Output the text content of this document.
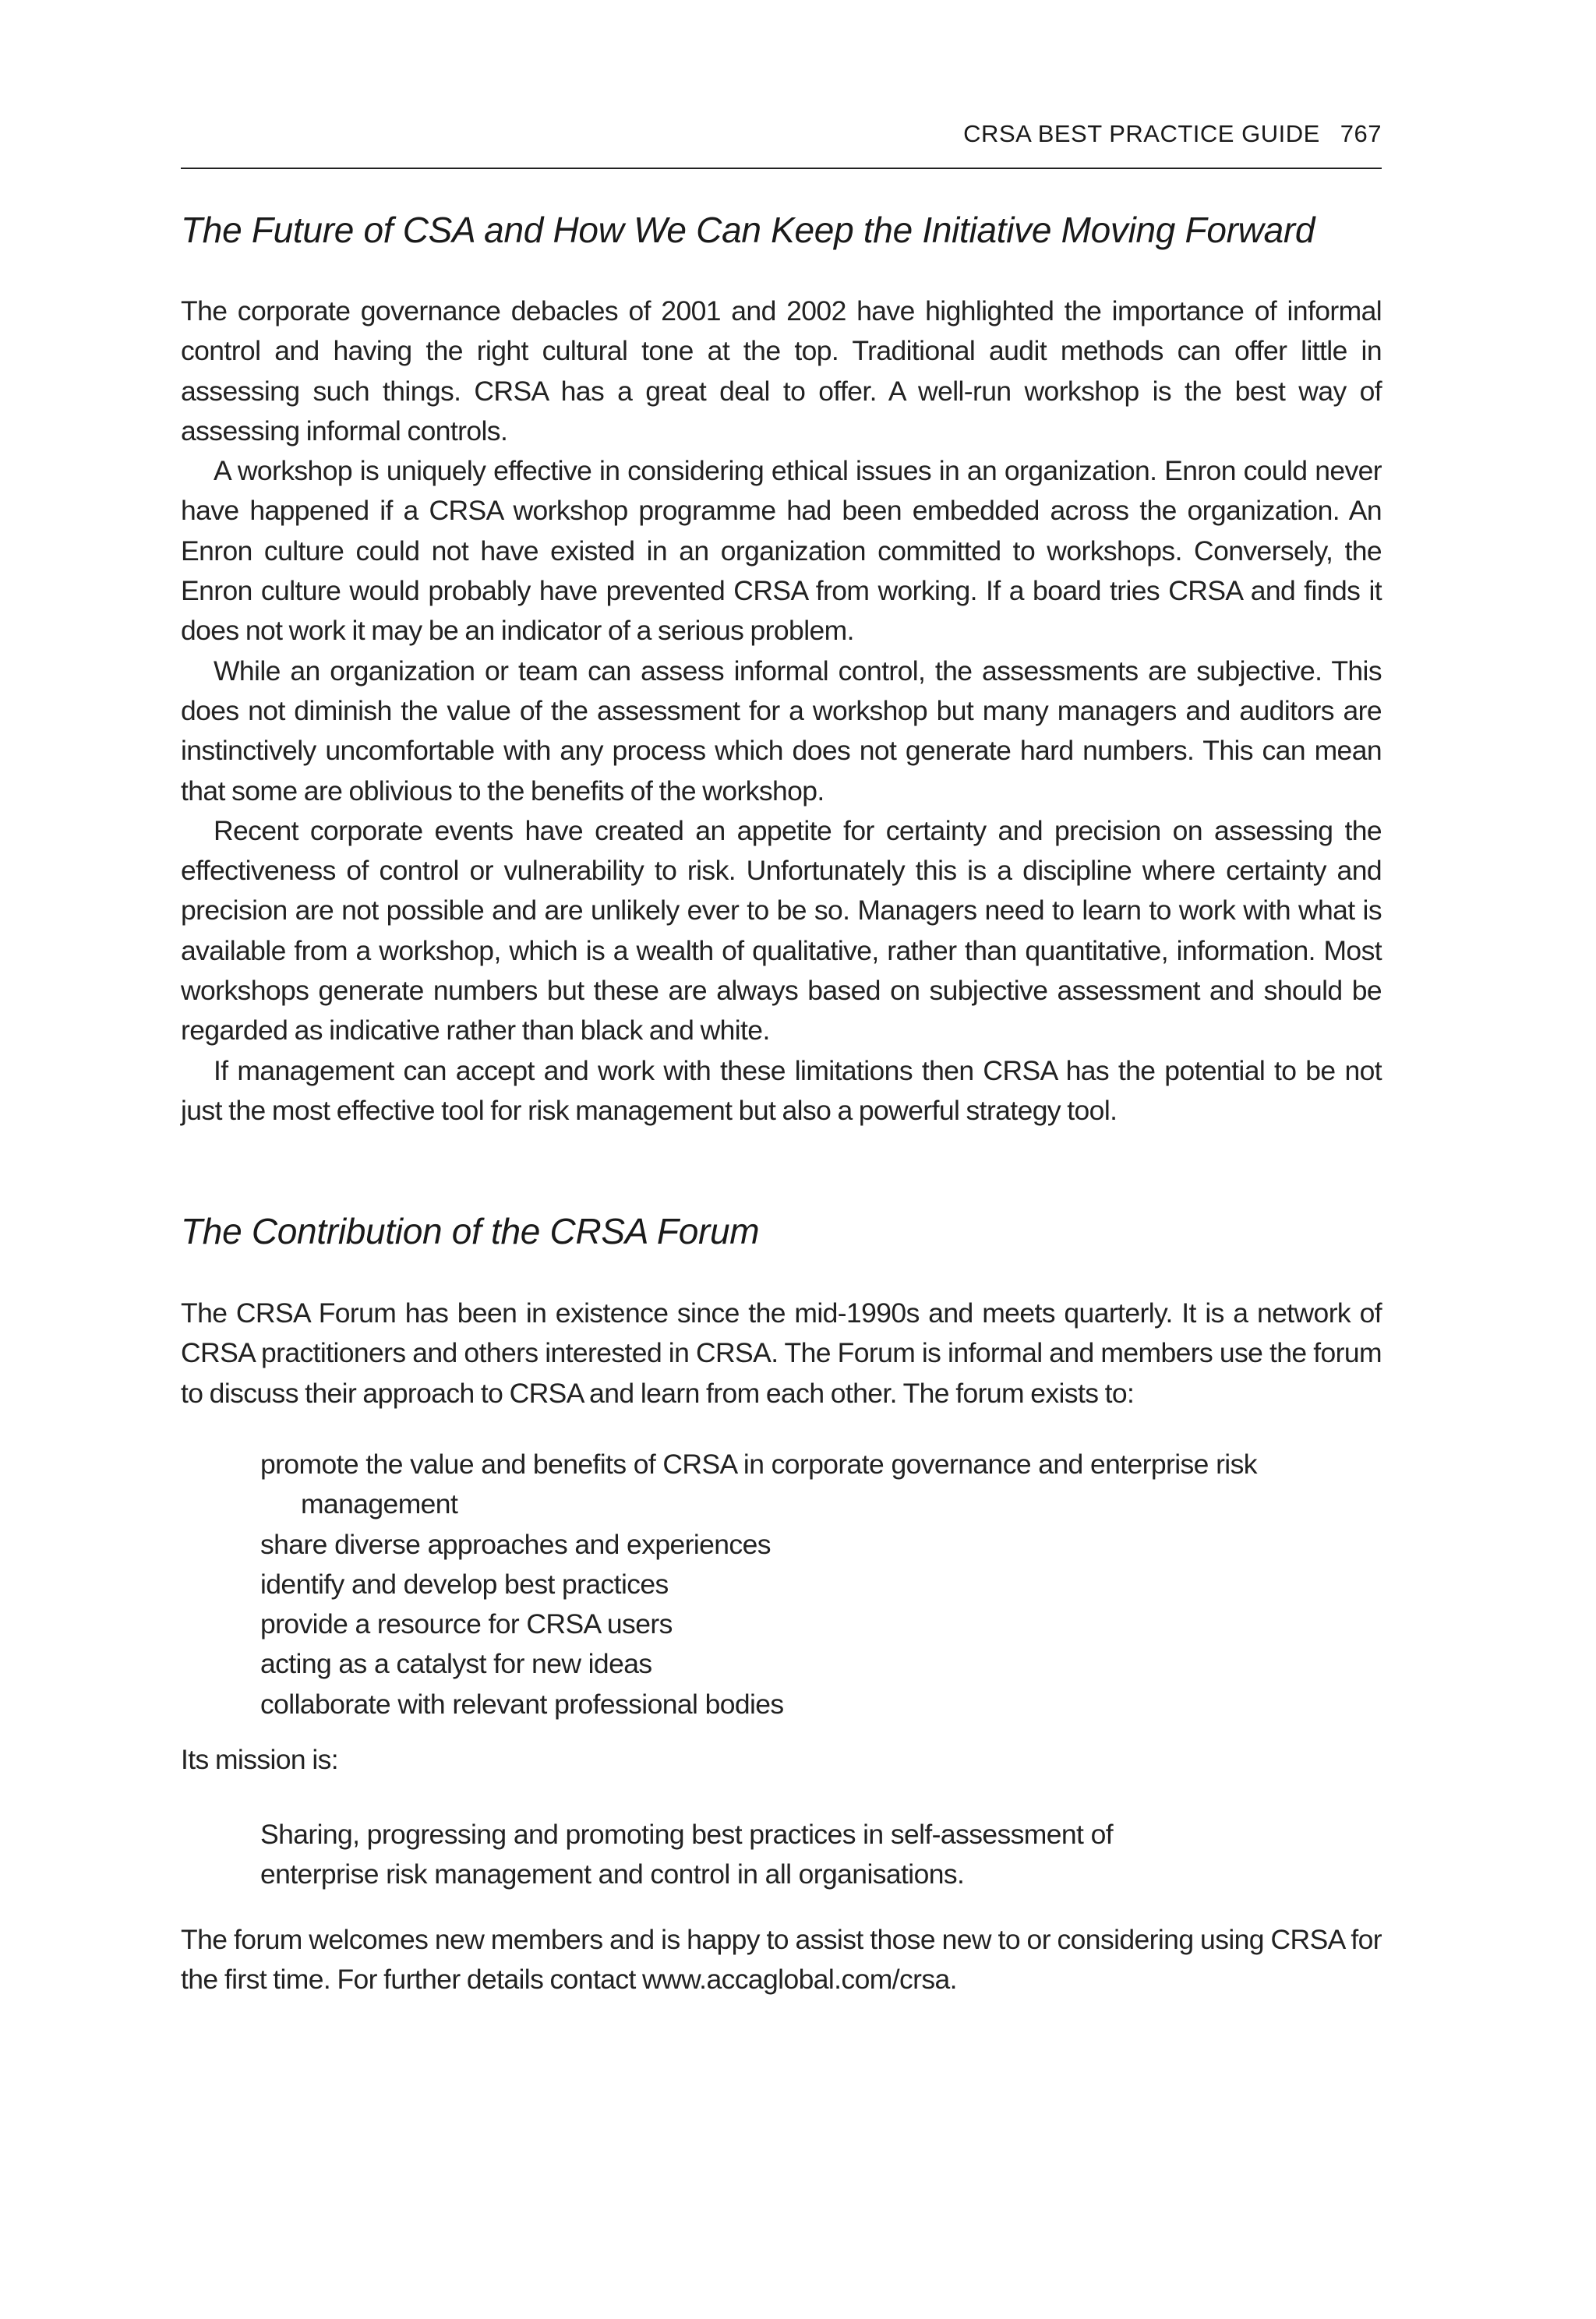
CRSA BEST PRACTICE GUIDE 767
The Future of CSA and How We Can Keep the Initiative Moving Forward

The corporate governance debacles of 2001 and 2002 have highlighted the importance of informal control and having the right cultural tone at the top. Traditional audit methods can offer little in assessing such things. CRSA has a great deal to offer. A well-run workshop is the best way of assessing informal controls.

A workshop is uniquely effective in considering ethical issues in an organization. Enron could never have happened if a CRSA workshop programme had been embedded across the organization. An Enron culture could not have existed in an organization committed to workshops. Conversely, the Enron culture would probably have prevented CRSA from working. If a board tries CRSA and finds it does not work it may be an indicator of a serious problem.

While an organization or team can assess informal control, the assessments are subjective. This does not diminish the value of the assessment for a workshop but many managers and auditors are instinctively uncomfortable with any process which does not generate hard numbers. This can mean that some are oblivious to the benefits of the workshop.

Recent corporate events have created an appetite for certainty and precision on assessing the effectiveness of control or vulnerability to risk. Unfortunately this is a discipline where certainty and precision are not possible and are unlikely ever to be so. Managers need to learn to work with what is available from a workshop, which is a wealth of qualitative, rather than quantitative, information. Most workshops generate numbers but these are always based on subjective assessment and should be regarded as indicative rather than black and white.

If management can accept and work with these limitations then CRSA has the potential to be not just the most effective tool for risk management but also a powerful strategy tool.

The Contribution of the CRSA Forum

The CRSA Forum has been in existence since the mid-1990s and meets quarterly. It is a network of CRSA practitioners and others interested in CRSA. The Forum is informal and members use the forum to discuss their approach to CRSA and learn from each other. The forum exists to:

promote the value and benefits of CRSA in corporate governance and enterprise risk management
share diverse approaches and experiences
identify and develop best practices
provide a resource for CRSA users
acting as a catalyst for new ideas
collaborate with relevant professional bodies

Its mission is:

Sharing, progressing and promoting best practices in self-assessment of
enterprise risk management and control in all organisations.

The forum welcomes new members and is happy to assist those new to or considering using CRSA for the first time. For further details contact www.accaglobal.com/crsa.
